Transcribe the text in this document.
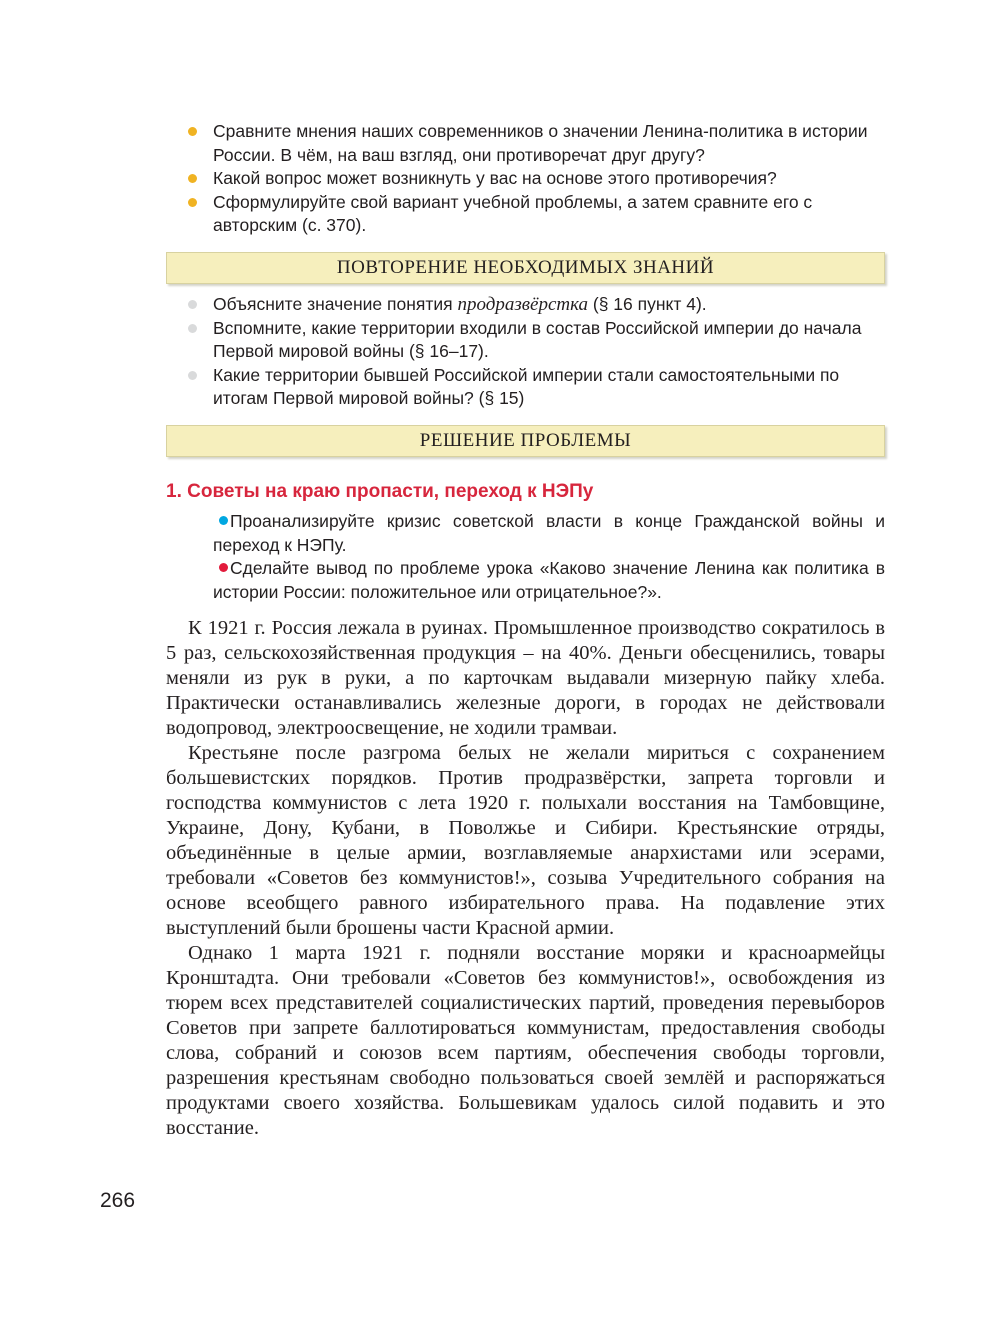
Сравните мнения наших современников о значении Ленина-политика в истории России. В чём, на ваш взгляд, они противоречат друг другу?
Какой вопрос может возникнуть у вас на основе этого противоречия?
Сформулируйте свой вариант учебной проблемы, а затем сравните его с авторским (с. 370).
ПОВТОРЕНИЕ НЕОБХОДИМЫХ ЗНАНИЙ
Объясните значение понятия продразвёрстка (§ 16 пункт 4).
Вспомните, какие территории входили в состав Российской империи до начала Первой мировой войны (§ 16–17).
Какие территории бывшей Российской империи стали самостоятельными по итогам Первой мировой войны? (§ 15)
РЕШЕНИЕ ПРОБЛЕМЫ
1. Советы на краю пропасти, переход к НЭПу

Проанализируйте кризис советской власти в конце Гражданской войны и переход к НЭПу.

Сделайте вывод по проблеме урока «Каково значение Ленина как политика в истории России: положительное или отрицательное?».

К 1921 г. Россия лежала в руинах. Промышленное производство сократилось в 5 раз, сельскохозяйственная продукция – на 40%. Деньги обесценились, товары меняли из рук в руки, а по карточкам выдавали мизерную пайку хлеба. Практически останавливались железные дороги, в городах не действовали водопровод, электроосвещение, не ходили трамваи.

Крестьяне после разгрома белых не желали мириться с сохранением большевистских порядков. Против продразвёрстки, запрета торговли и господства коммунистов с лета 1920 г. полыхали восстания на Тамбовщине, Украине, Дону, Кубани, в Поволжье и Сибири. Крестьянские отряды, объединённые в целые армии, возглавляемые анархистами или эсерами, требовали «Советов без коммунистов!», созыва Учредительного собрания на основе всеобщего равного избирательного права. На подавление этих выступлений были брошены части Красной армии.

Однако 1 марта 1921 г. подняли восстание моряки и красноармейцы Кронштадта. Они требовали «Советов без коммунистов!», освобождения из тюрем всех представителей социалистических партий, проведения перевыборов Советов при запрете баллотироваться коммунистам, предоставления свободы слова, собраний и союзов всем партиям, обеспечения свободы торговли, разрешения крестьянам свободно пользоваться своей землёй и распоряжаться продуктами своего хозяйства. Большевикам удалось силой подавить и это восстание.

266
